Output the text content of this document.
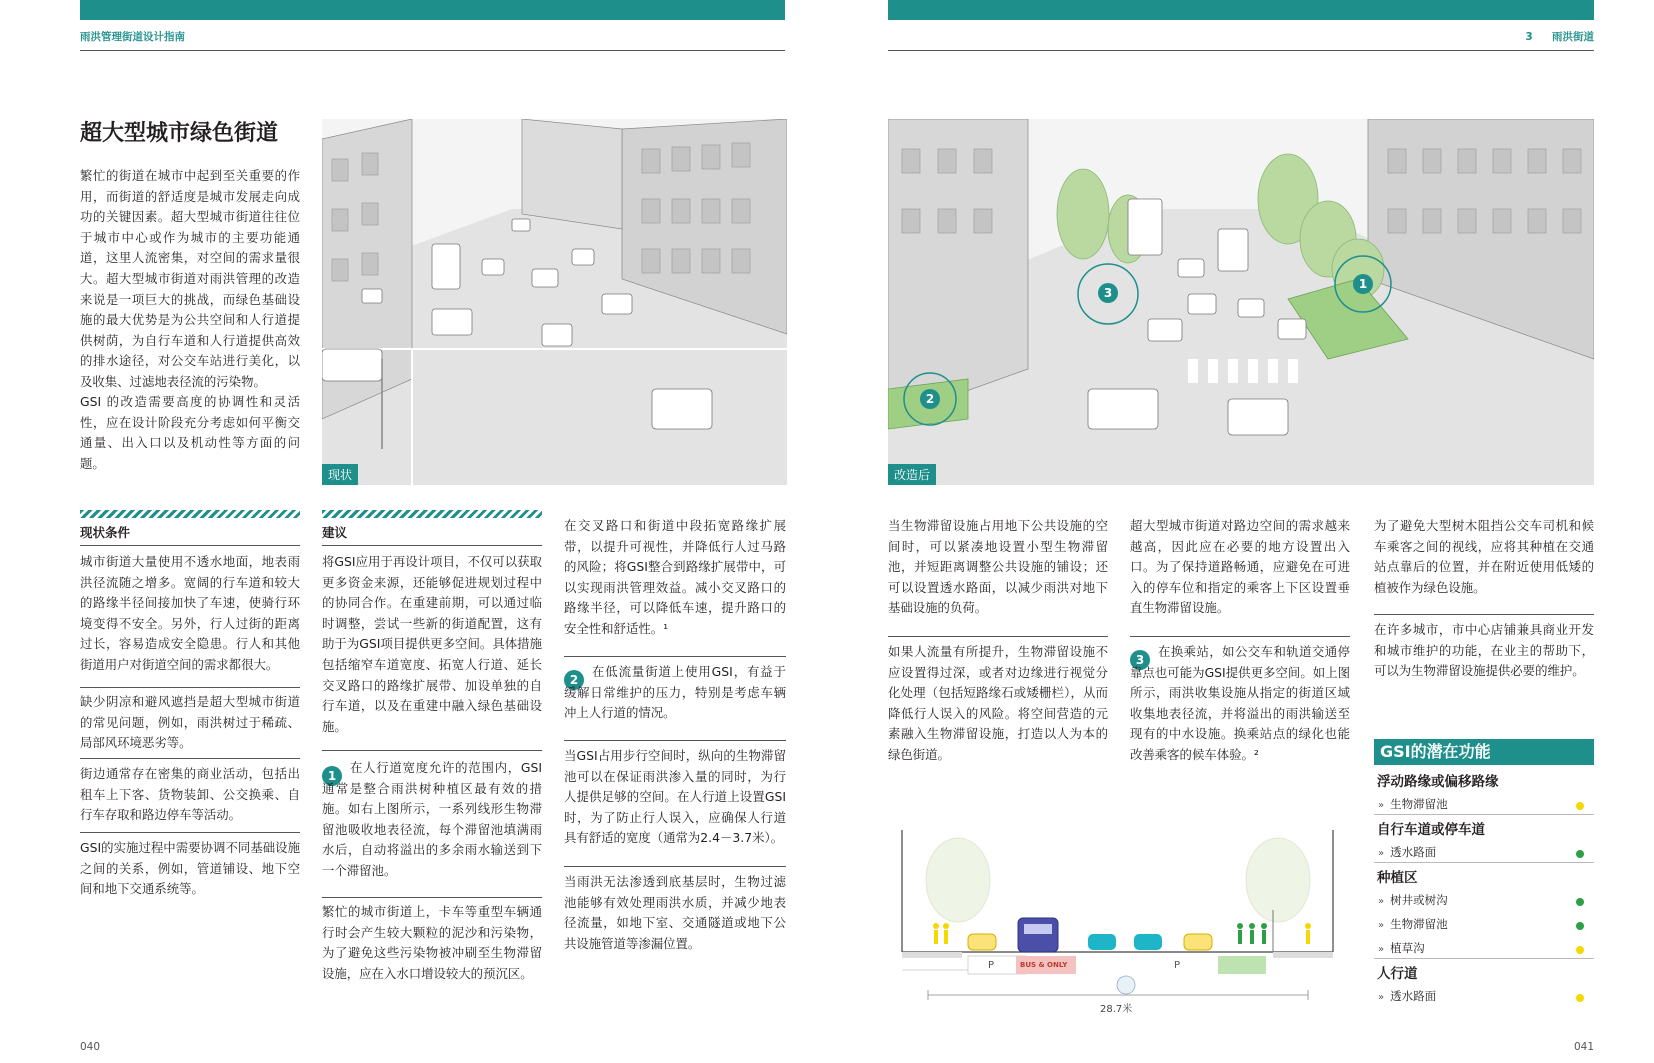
雨洪管理街道设计指南	3 雨洪街道
超大型城市绿色街道

繁忙的街道在城市中起到至关重要的作用，而街道的舒适度是城市发展走向成功的关键因素。超大型城市街道往往位于城市中心或作为城市的主要功能通道，这里人流密集，对空间的需求量很大。超大型城市街道对雨洪管理的改造来说是一项巨大的挑战，而绿色基础设施的最大优势是为公共空间和人行道提供树荫，为自行车道和人行道提供高效的排水途径，对公交车站进行美化，以及收集、过滤地表径流的污染物。

GSI 的改造需要高度的协调性和灵活性，应在设计阶段充分考虑如何平衡交通量、出入口以及机动性等方面的问题。

现状
3
1
2
改造后
现状条件

城市街道大量使用不透水地面，地表雨洪径流随之增多。宽阔的行车道和较大的路缘半径间接加快了车速，使骑行环境变得不安全。另外，行人过街的距离过长，容易造成安全隐患。行人和其他街道用户对街道空间的需求都很大。

缺少阴凉和避风遮挡是超大型城市街道的常见问题，例如，雨洪树过于稀疏、局部风环境恶劣等。

街边通常存在密集的商业活动，包括出租车上下客、货物装卸、公交换乘、自行车存取和路边停车等活动。

GSI的实施过程中需要协调不同基础设施之间的关系，例如，管道铺设、地下空间和地下交通系统等。

建议

将GSI应用于再设计项目，不仅可以获取更多资金来源，还能够促进规划过程中的协同合作。在重建前期，可以通过临时调整，尝试一些新的街道配置，这有助于为GSI项目提供更多空间。具体措施包括缩窄车道宽度、拓宽人行道、延长交叉路口的路缘扩展带、加设单独的自行车道，以及在重建中融入绿色基础设施。

1

在人行道宽度允许的范围内，GSI通常是整合雨洪树种植区最有效的措施。如右上图所示，一系列线形生物滞留池吸收地表径流，每个滞留池填满雨水后，自动将溢出的多余雨水输送到下一个滞留池。

繁忙的城市街道上，卡车等重型车辆通行时会产生较大颗粒的泥沙和污染物，为了避免这些污染物被冲刷至生物滞留设施，应在入水口增设较大的预沉区。

在交叉路口和街道中段拓宽路缘扩展带，以提升可视性，并降低行人过马路的风险；将GSI整合到路缘扩展带中，可以实现雨洪管理效益。减小交叉路口的路缘半径，可以降低车速，提升路口的安全性和舒适性。¹

2

在低流量街道上使用GSI，有益于缓解日常维护的压力，特别是考虑车辆冲上人行道的情况。

当GSI占用步行空间时，纵向的生物滞留池可以在保证雨洪渗入量的同时，为行人提供足够的空间。在人行道上设置GSI时，为了防止行人误入，应确保人行道具有舒适的宽度（通常为2.4－3.7米）。

当雨洪无法渗透到底基层时，生物过滤池能够有效处理雨洪水质，并减少地表径流量，如地下室、交通隧道或地下公共设施管道等渗漏位置。

当生物滞留设施占用地下公共设施的空间时，可以紧凑地设置小型生物滞留池，并短距离调整公共设施的铺设；还可以设置透水路面，以减少雨洪对地下基础设施的负荷。

如果人流量有所提升，生物滞留设施不应设置得过深，或者对边缘进行视觉分化处理（包括短路缘石或矮栅栏），从而降低行人误入的风险。将空间营造的元素融入生物滞留设施，打造以人为本的绿色街道。

超大型城市街道对路边空间的需求越来越高，因此应在必要的地方设置出入口。为了保持道路畅通，应避免在可进入的停车位和指定的乘客上下区设置垂直生物滞留设施。

3

在换乘站，如公交车和轨道交通停靠点也可能为GSI提供更多空间。如上图所示，雨洪收集设施从指定的街道区域收集地表径流，并将溢出的雨洪输送至现有的中水设施。换乘站点的绿化也能改善乘客的候车体验。²

为了避免大型树木阻挡公交车司机和候车乘客之间的视线，应将其种植在交通站点靠后的位置，并在附近使用低矮的植被作为绿色设施。

在许多城市，市中心店铺兼具商业开发和城市维护的功能，在业主的帮助下，可以为生物滞留设施提供必要的维护。

GSI的潜在功能
浮动路缘或偏移路缘
» 生物滞留池
自行车道或停车道
» 透水路面
种植区
» 树井或树沟
» 生物滞留池
» 植草沟
人行道
» 透水路面
P	BUS & ONLY	P
28.7米
040	041
